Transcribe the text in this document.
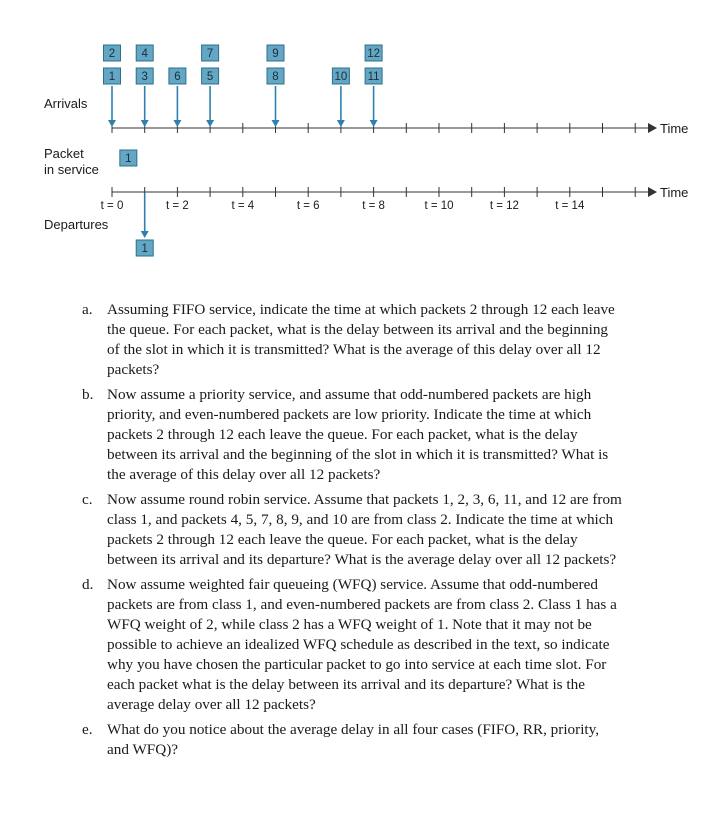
Time
Arrivals
1
2
3
4
6 5
7
8
9
10 11
12
Packet
in service
1
Time
t = 0	t = 2	t = 4	t = 6	t = 8	t = 10	t = 12	t = 14
Departures
1
a. Assuming FIFO service, indicate the time at which packets 2 through 12 each leave the queue. For each packet, what is the delay between its arrival and the beginning of the slot in which it is transmitted? What is the average of this delay over all 12 packets?
b. Now assume a priority service, and assume that odd-numbered packets are high priority, and even-numbered packets are low priority. Indicate the time at which packets 2 through 12 each leave the queue. For each packet, what is the delay between its arrival and the beginning of the slot in which it is transmitted? What is the average of this delay over all 12 packets?
c. Now assume round robin service. Assume that packets 1, 2, 3, 6, 11, and 12 are from class 1, and packets 4, 5, 7, 8, 9, and 10 are from class 2. Indicate the time at which packets 2 through 12 each leave the queue. For each packet, what is the delay between its arrival and its departure? What is the average delay over all 12 packets?
d. Now assume weighted fair queueing (WFQ) service. Assume that odd-numbered packets are from class 1, and even-numbered packets are from class 2. Class 1 has a WFQ weight of 2, while class 2 has a WFQ weight of 1. Note that it may not be possible to achieve an idealized WFQ schedule as described in the text, so indicate why you have chosen the particular packet to go into service at each time slot. For each packet what is the delay between its arrival and its departure? What is the average delay over all 12 packets?
e. What do you notice about the average delay in all four cases (FIFO, RR, priority, and WFQ)?
